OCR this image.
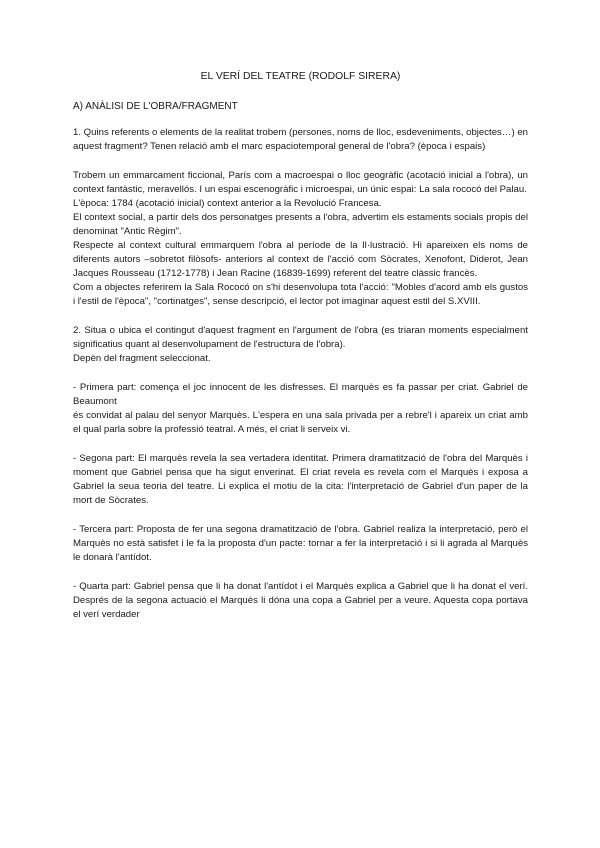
EL VERÍ DEL TEATRE (RODOLF SIRERA)
A) ANÀLISI DE L'OBRA/FRAGMENT

1. Quins referents o elements de la realitat trobem (persones, noms de lloc, esdeveniments, objectes…) en aquest fragment? Tenen relació amb el marc espaciotemporal general de l'obra? (època i espais)

Trobem un emmarcament ficcional, París com a macroespai o lloc geogràfic (acotació inicial a l'obra), un context fantàstic, meravellós. I un espai escenogràfic i microespai, un únic espai: La sala rococó del Palau.

L'època: 1784 (acotació inicial) context anterior a la Revolució Francesa.

El context social, a partir dels dos personatges presents a l'obra, advertim els estaments socials propis del denominat "Antic Règim".

Respecte al context cultural emmarquem l'obra al període de la Il·lustració. Hi apareixen els noms de diferents autors –sobretot filòsofs- anteriors al context de l'acció com Sòcrates, Xenofont, Diderot, Jean Jacques Rousseau (1712-1778) i Jean Racine (16839-1699) referent del teatre clàssic francès.

Com a objectes referirem la Sala Rococó on s'hi desenvolupa tota l'acció: "Mobles d'acord amb els gustos i l'estil de l'època", "cortinatges", sense descripció, el lector pot imaginar aquest estil del S.XVIII.

2. Situa o ubica el contingut d'aquest fragment en l'argument de l'obra (es triaran moments especialment significatius quant al desenvolupament de l'estructura de l'obra).

Depèn del fragment seleccionat.

- Primera part: comença el joc innocent de les disfresses. El marquès es fa passar per criat. Gabriel de Beaumont

és convidat al palau del senyor Marquès. L'espera en una sala privada per a rebre'l i apareix un criat amb el qual parla sobre la professió teatral. A més, el criat li serveix vi.

- Segona part: El marquès revela la sea vertadera identitat. Primera dramatització de l'obra del Marquès i moment que Gabriel pensa que ha sigut enverinat. El criat revela es revela com el Marquès i exposa a Gabriel la seua teoria del teatre. Li explica el motiu de la cita: l'interpretació de Gabriel d'un paper de la mort de Sòcrates.

- Tercera part: Proposta de fer una segona dramatització de l'obra. Gabriel realiza la interpretació, però el Marquès no està satisfet i le fa la proposta d'un pacte: tornar a fer la interpretació i si li agrada al Marquès le donarà l'antídot.

- Quarta part: Gabriel pensa que li ha donat l'antídot i el Marquès explica a Gabriel que li ha donat el verí. Després de la segona actuació el Marquès li dóna una copa a Gabriel per a veure. Aquesta copa portava el verí verdader
